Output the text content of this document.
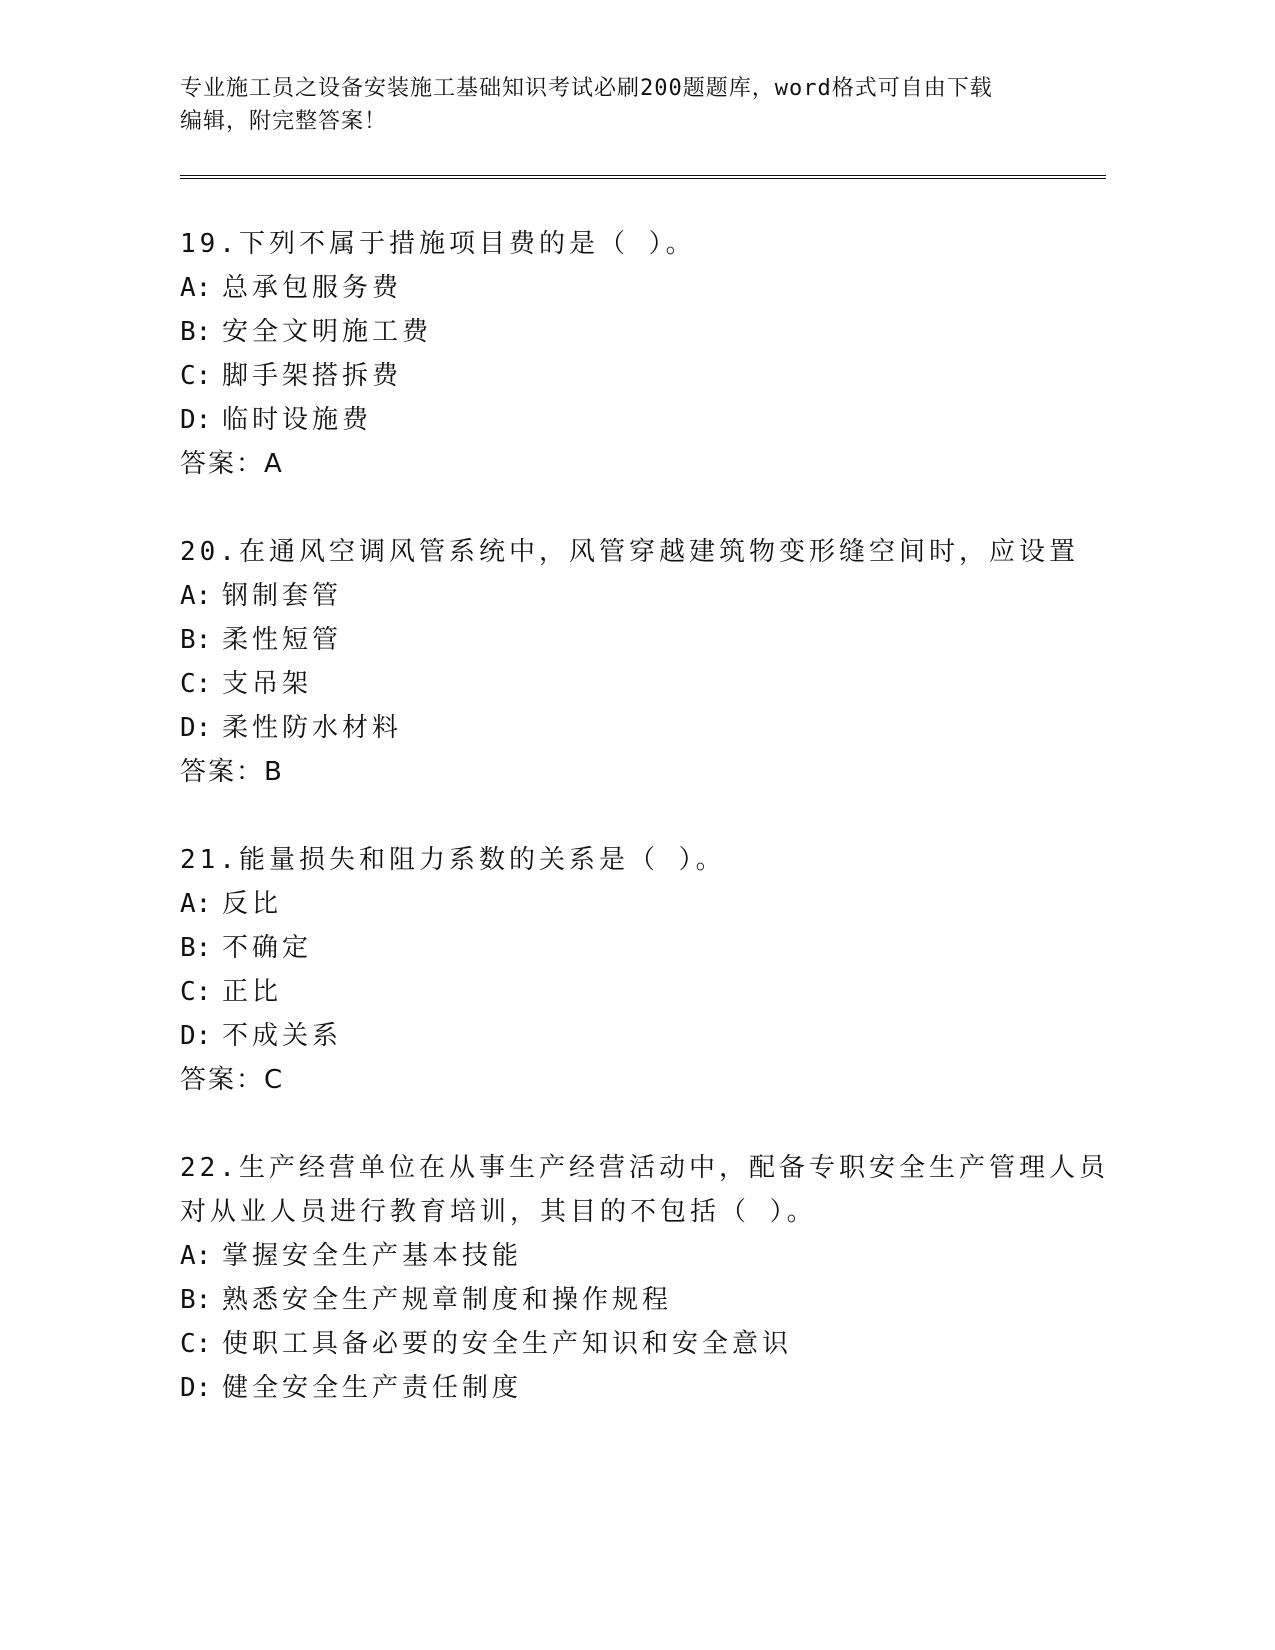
专业施工员之设备安装施工基础知识考试必刷200题题库，word格式可自由下载
编辑，附完整答案！
19.下列不属于措施项目费的是（ ）。
A: 总承包服务费
B: 安全文明施工费
C: 脚手架搭拆费
D: 临时设施费
答案：A
20.在通风空调风管系统中，风管穿越建筑物变形缝空间时，应设置
A: 钢制套管
B: 柔性短管
C: 支吊架
D: 柔性防水材料
答案：B
21.能量损失和阻力系数的关系是（ ）。
A: 反比
B: 不确定
C: 正比
D: 不成关系
答案：C
22.生产经营单位在从事生产经营活动中，配备专职安全生产管理人员
对从业人员进行教育培训，其目的不包括（ ）。
A: 掌握安全生产基本技能
B: 熟悉安全生产规章制度和操作规程
C: 使职工具备必要的安全生产知识和安全意识
D: 健全安全生产责任制度
